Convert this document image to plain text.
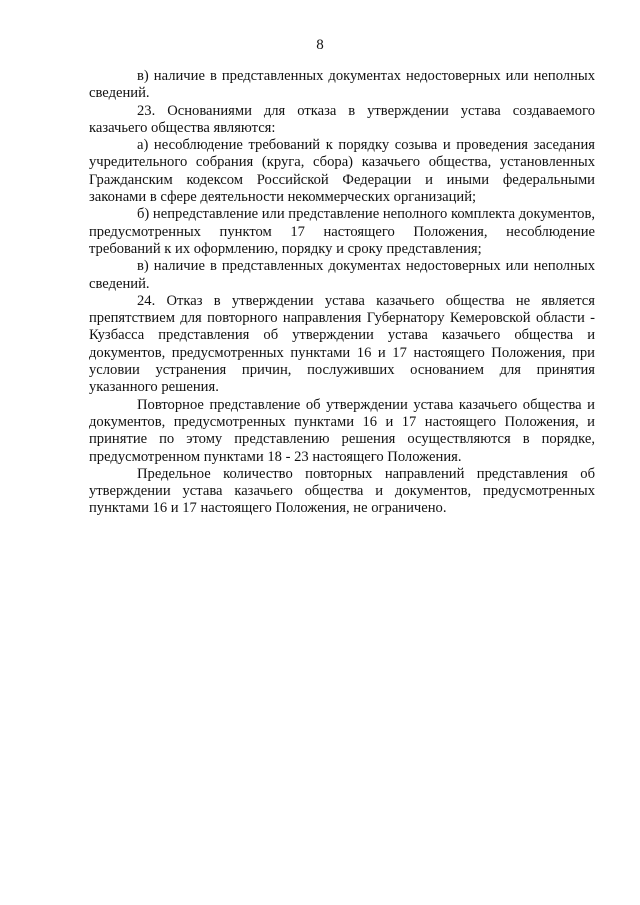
8

в) наличие в представленных документах недостоверных или неполных сведений.

23. Основаниями для отказа в утверждении устава создаваемого казачьего общества являются:

а) несоблюдение требований к порядку созыва и проведения заседания учредительного собрания (круга, сбора) казачьего общества, установленных Гражданским кодексом Российской Федерации и иными федеральными законами в сфере деятельности некоммерческих организаций;

б) непредставление или представление неполного комплекта документов, предусмотренных пунктом 17 настоящего Положения, несоблюдение требований к их оформлению, порядку и сроку представления;

в) наличие в представленных документах недостоверных или неполных сведений.

24. Отказ в утверждении устава казачьего общества не является препятствием для повторного направления Губернатору Кемеровской области - Кузбасса представления об утверждении устава казачьего общества и документов, предусмотренных пунктами 16 и 17 настоящего Положения, при условии устранения причин, послуживших основанием для принятия указанного решения.

Повторное представление об утверждении устава казачьего общества и документов, предусмотренных пунктами 16 и 17 настоящего Положения, и принятие по этому представлению решения осуществляются в порядке, предусмотренном пунктами 18 - 23 настоящего Положения.

Предельное количество повторных направлений представления об утверждении устава казачьего общества и документов, предусмотренных пунктами 16 и 17 настоящего Положения, не ограничено.
